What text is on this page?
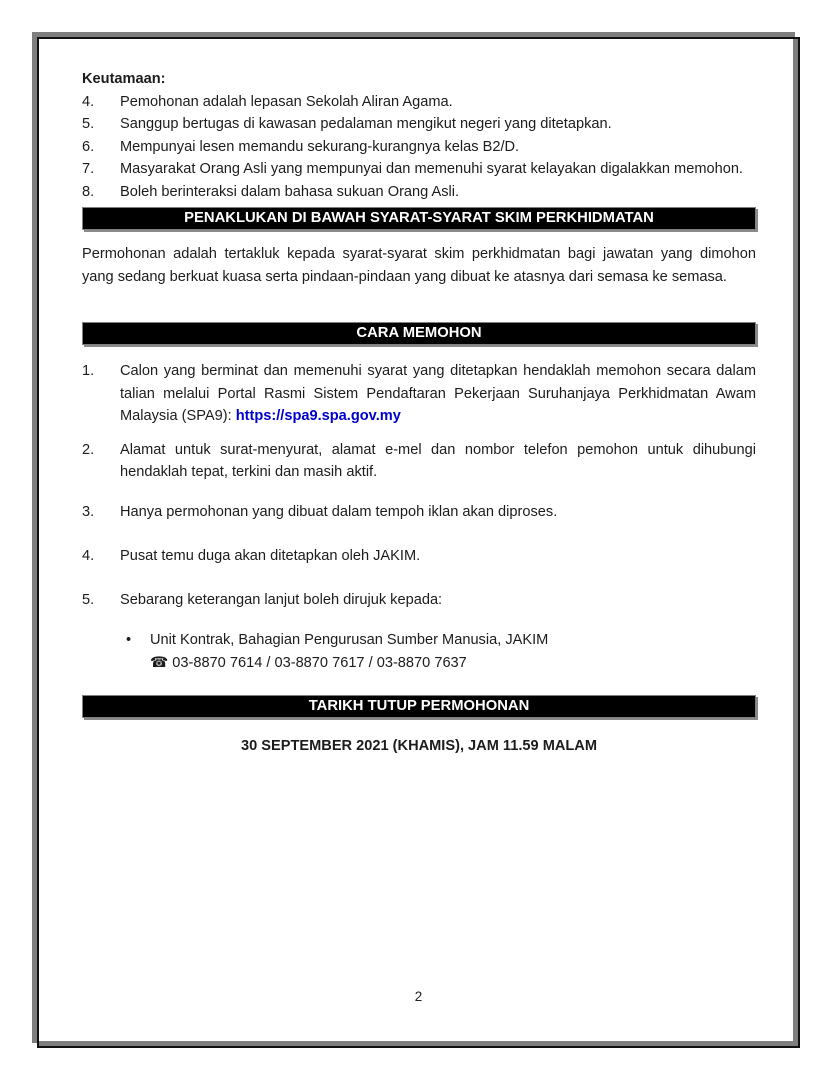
Keutamaan:
4.	Pemohonan adalah lepasan Sekolah Aliran Agama.
5.	Sanggup bertugas di kawasan pedalaman mengikut negeri yang ditetapkan.
6.	Mempunyai lesen memandu sekurang-kurangnya kelas B2/D.
7.	Masyarakat Orang Asli yang mempunyai dan memenuhi syarat kelayakan digalakkan memohon.
8.	Boleh berinteraksi dalam bahasa sukuan Orang Asli.
PENAKLUKAN DI BAWAH SYARAT-SYARAT SKIM PERKHIDMATAN

Permohonan adalah tertakluk kepada syarat-syarat skim perkhidmatan bagi jawatan yang dimohon yang sedang berkuat kuasa serta pindaan-pindaan yang dibuat ke atasnya dari semasa ke semasa.

CARA MEMOHON
1.	Calon yang berminat dan memenuhi syarat yang ditetapkan hendaklah memohon secara dalam talian melalui Portal Rasmi Sistem Pendaftaran Pekerjaan Suruhanjaya Perkhidmatan Awam Malaysia (SPA9): https://spa9.spa.gov.my
2.	Alamat untuk surat-menyurat, alamat e-mel dan nombor telefon pemohon untuk dihubungi hendaklah tepat, terkini dan masih aktif.
3.	Hanya permohonan yang dibuat dalam tempoh iklan akan diproses.
4.	Pusat temu duga akan ditetapkan oleh JAKIM.
5.	Sebarang keterangan lanjut boleh dirujuk kepada:
•	Unit Kontrak, Bahagian Pengurusan Sumber Manusia, JAKIM
☎ 03-8870 7614 / 03-8870 7617 / 03-8870 7637
TARIKH TUTUP PERMOHONAN
30 SEPTEMBER 2021 (KHAMIS), JAM 11.59 MALAM
2
